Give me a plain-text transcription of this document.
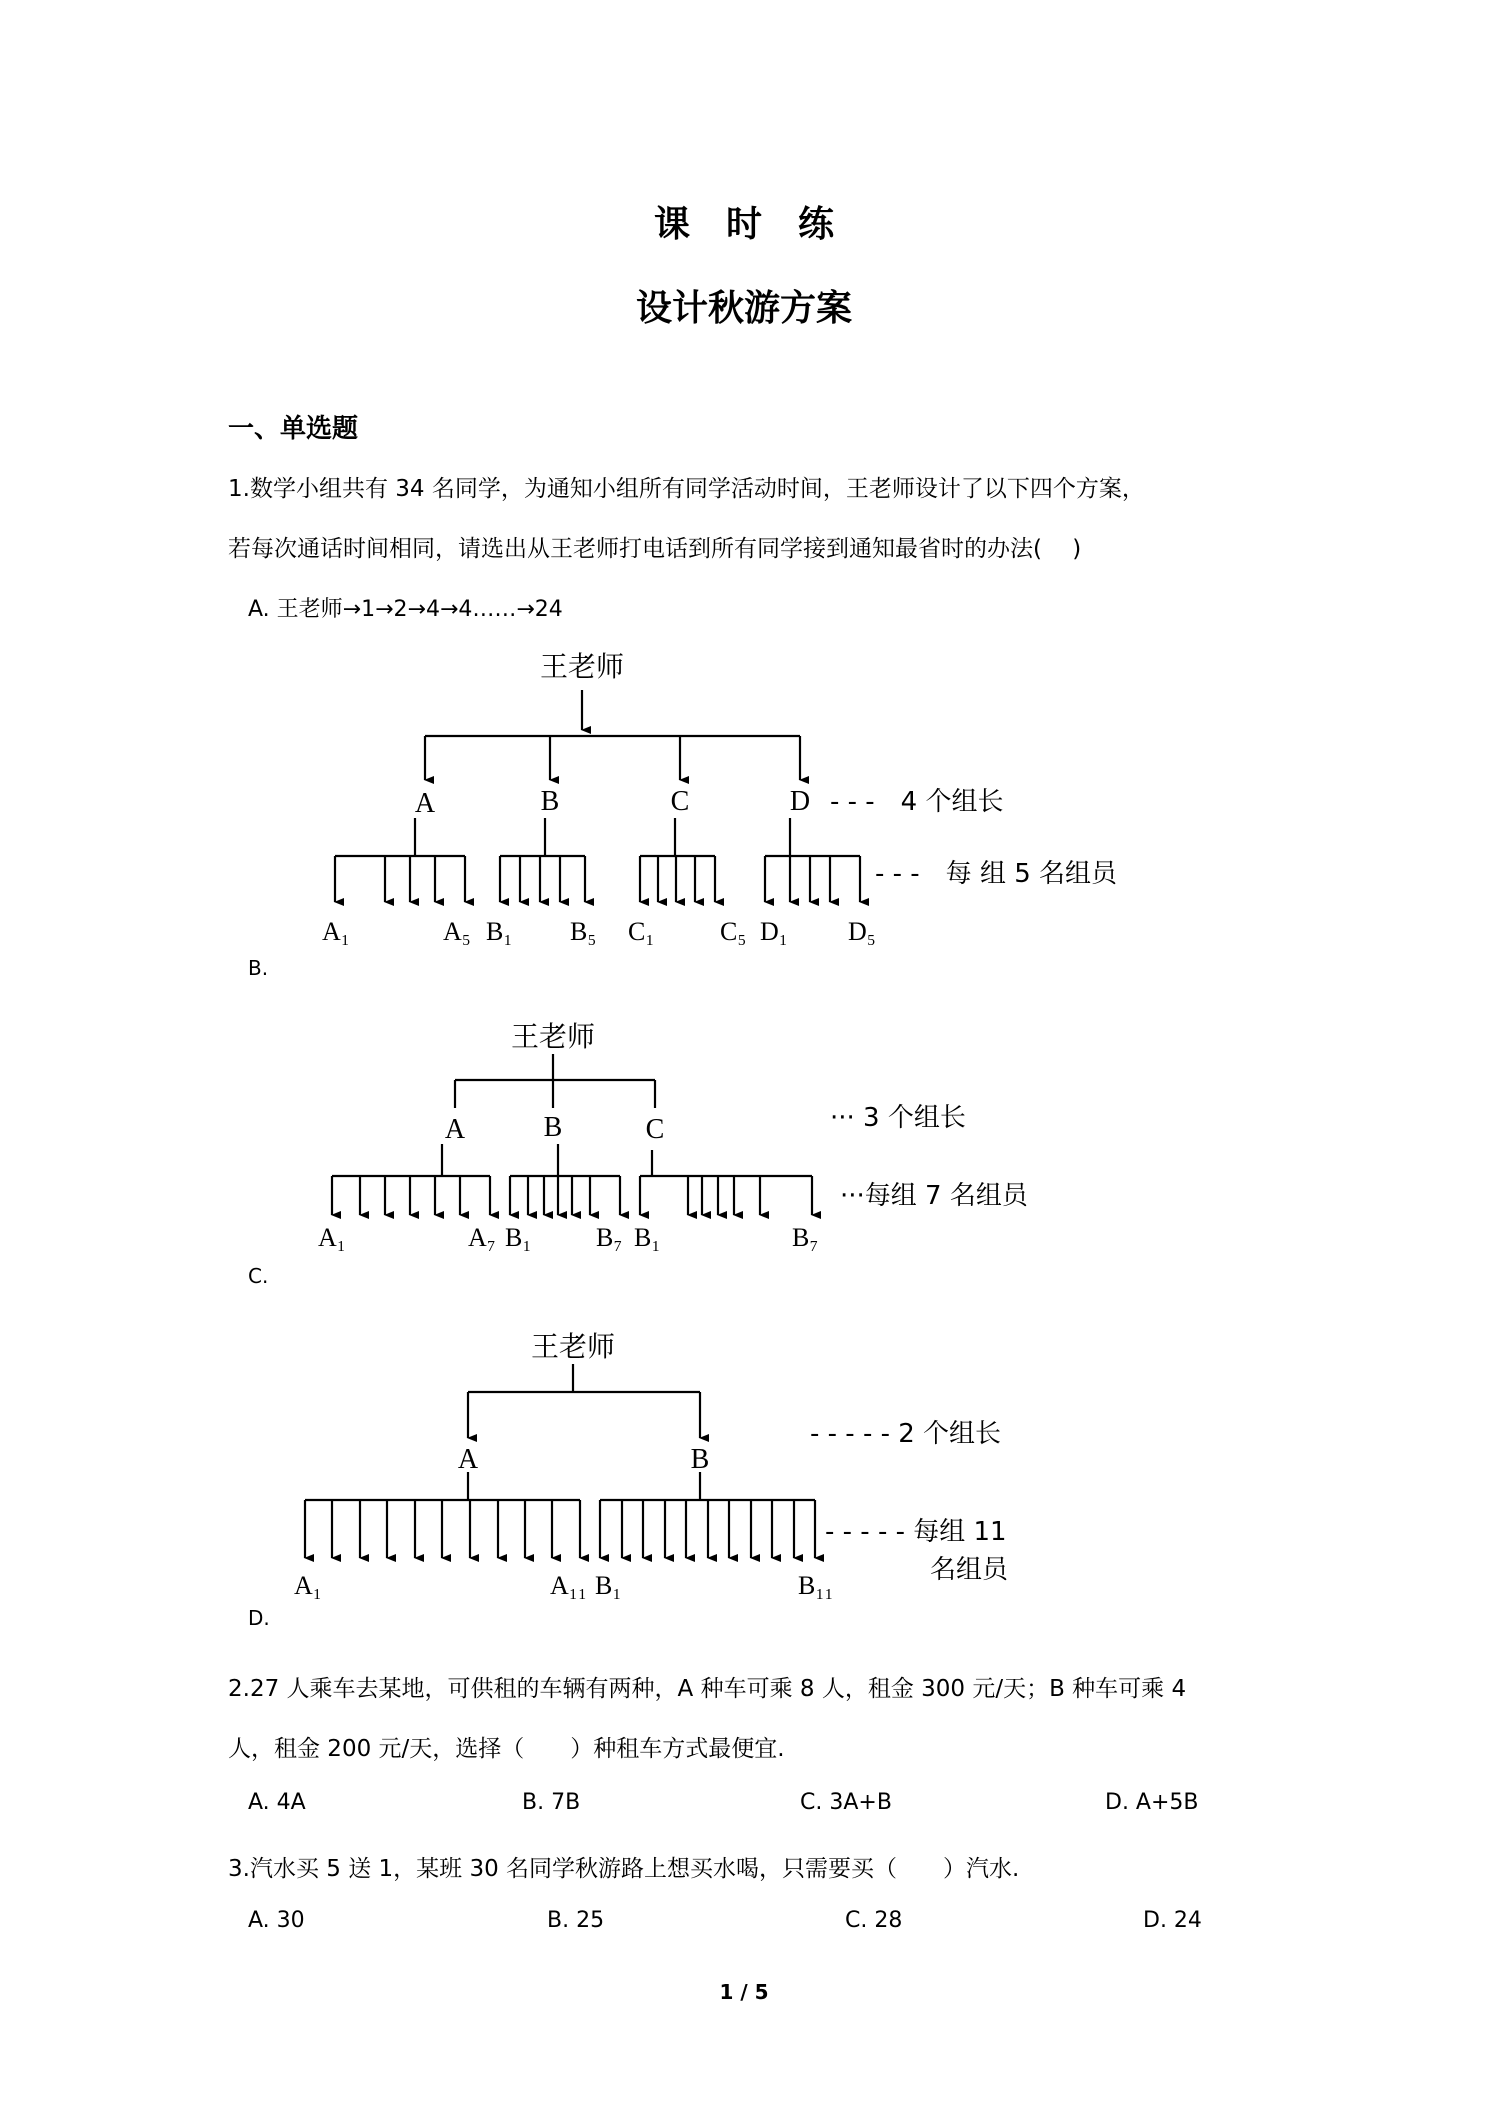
课　时　练
设计秋游方案
一、单选题
1.数学小组共有 34 名同学，为通知小组所有同学活动时间，王老师设计了以下四个方案，
若每次通话时间相同，请选出从王老师打电话到所有同学接到通知最省时的办法(　 )
A. 王老师→1→2→4→4……→24
王老师
A	B	C	D - - -　4 个组长
- - -　每 组 5 名组员
A₁	A₅ B₁ B₅ C₁	C₅ D₁ D₅
B.
王老师
A	B	C	··· 3 个组长
···每组 7 名组员
A₁	A₇ B₁ B₇ B₁	B₇
C.
王老师
A	B
- - - - - 2 个组长
- - - - - 每组 11
名组员
A₁	A₁₁ B₁	B₁₁
D.
2.27 人乘车去某地，可供租的车辆有两种，A 种车可乘 8 人，租金 300 元/天；B 种车可乘 4
人，租金 200 元/天，选择（　　）种租车方式最便宜.
A. 4A	B. 7B	C. 3A+B	D. A+5B
3.汽水买 5 送 1，某班 30 名同学秋游路上想买水喝，只需要买（　　）汽水.
A. 30	B. 25	C. 28	D. 24
1 / 5
